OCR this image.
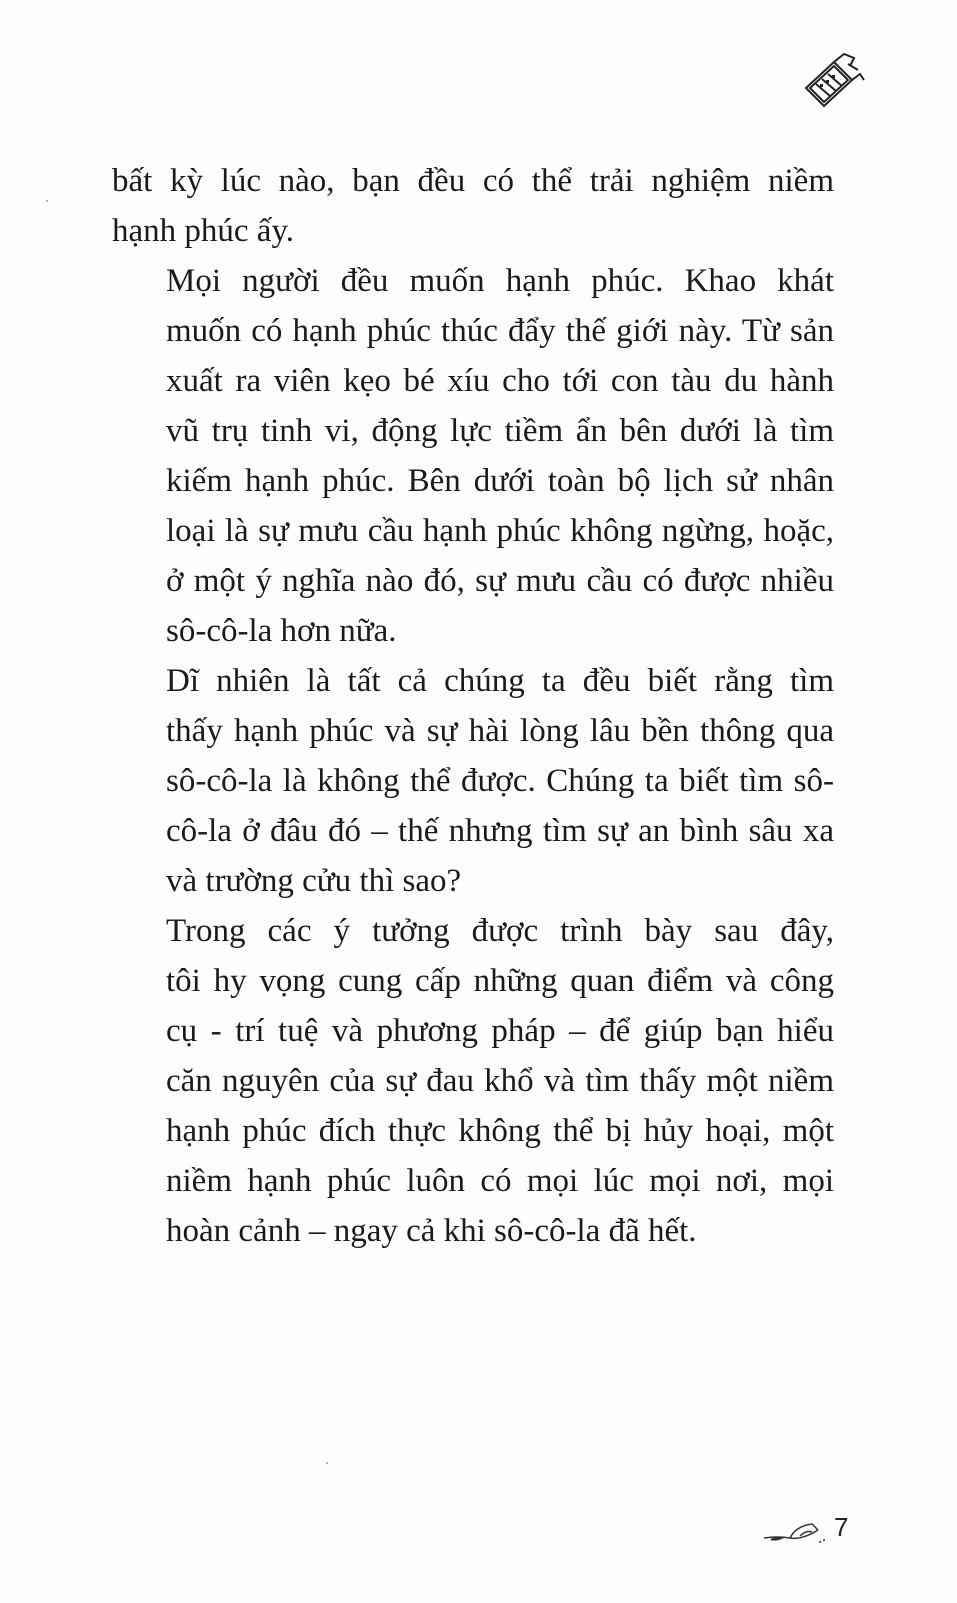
bất kỳ lúc nào, bạn đều có thể trải nghiệm niềm
hạnh phúc ấy.
Mọi người đều muốn hạnh phúc. Khao khát
muốn có hạnh phúc thúc đẩy thế giới này. Từ sản
xuất ra viên kẹo bé xíu cho tới con tàu du hành
vũ trụ tinh vi, động lực tiềm ẩn bên dưới là tìm
kiếm hạnh phúc. Bên dưới toàn bộ lịch sử nhân
loại là sự mưu cầu hạnh phúc không ngừng, hoặc,
ở một ý nghĩa nào đó, sự mưu cầu có được nhiều
sô-cô-la hơn nữa.
Dĩ nhiên là tất cả chúng ta đều biết rằng tìm
thấy hạnh phúc và sự hài lòng lâu bền thông qua
sô-cô-la là không thể được. Chúng ta biết tìm sô-
cô-la ở đâu đó – thế nhưng tìm sự an bình sâu xa
và trường cửu thì sao?
Trong các ý tưởng được trình bày sau đây,
tôi hy vọng cung cấp những quan điểm và công
cụ - trí tuệ và phương pháp – để giúp bạn hiểu
căn nguyên của sự đau khổ và tìm thấy một niềm
hạnh phúc đích thực không thể bị hủy hoại, một
niềm hạnh phúc luôn có mọi lúc mọi nơi, mọi
hoàn cảnh – ngay cả khi sô-cô-la đã hết.
7
